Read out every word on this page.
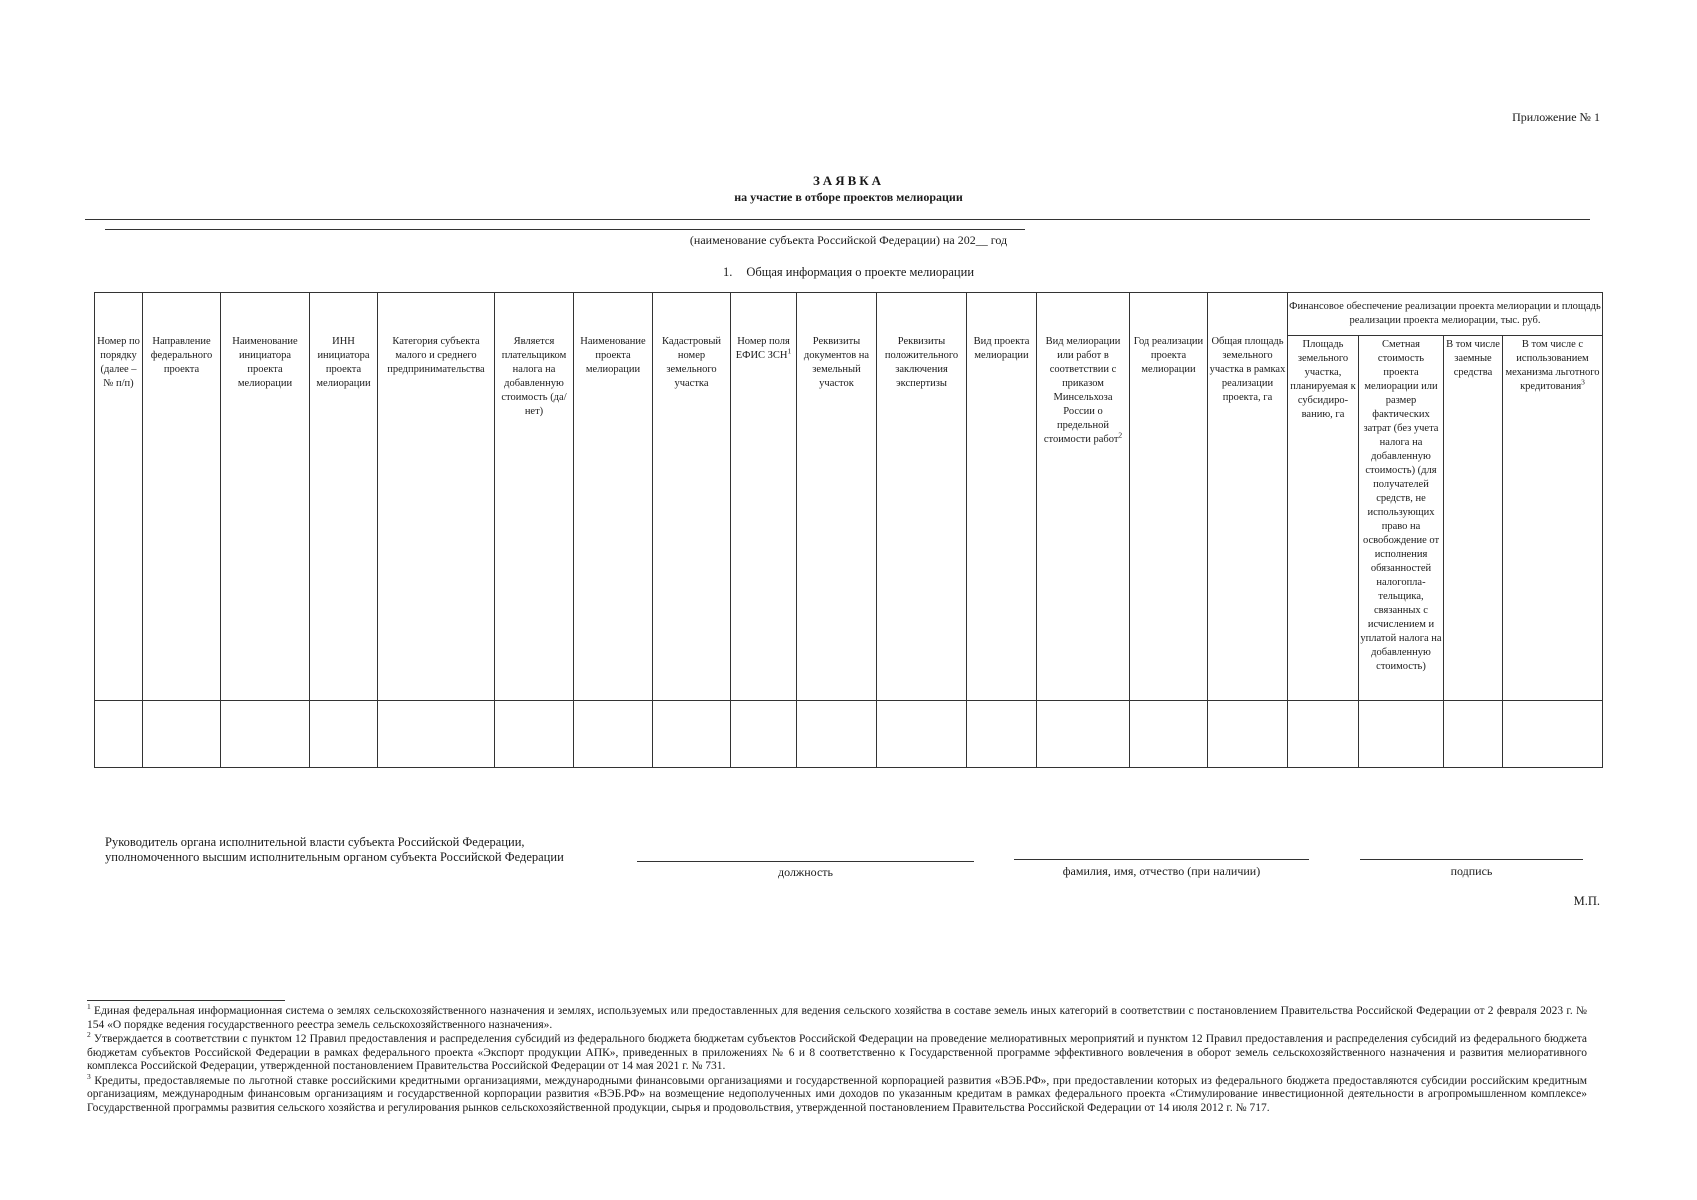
Приложение № 1
ЗАЯВКА
на участие в отборе проектов мелиорации
(наименование субъекта Российской Федерации) на 202__ год
1. Общая информация о проекте мелиорации
Номер по порядку (далее – № п/п)	Направление федерального проекта	Наименование инициатора проекта мелиорации	ИНН инициатора проекта мелиорации	Категория субъекта малого и среднего предпринимательства	Является плательщиком налога на добавленную стоимость (да/нет)	Наименование проекта мелиорации	Кадастровый номер земельного участка	Номер поля ЕФИС ЗСН$^1$	Реквизиты документов на земельный участок	Реквизиты положительного заключения экспертизы	Вид проекта мелиорации	Вид мелиорации или работ в соответствии с приказом Минсельхоза России о предельной стоимости работ$^2$	Год реализации проекта мелиорации	Общая площадь земельного участка в рамках реализации проекта, га	Финансовое обеспечение реализации проекта мелиорации и площадь реализации проекта мелиорации, тыс. руб.			
															Площадь земельного участка, планируемая к субсидиро-ванию, га	Сметная стоимость проекта мелиорации или размер фактических затрат (без учета налога на добавленную стоимость) (для получателей средств, не использующих право на освобождение от исполнения обязанностей налогопла-тельщика, связанных с исчислением и уплатой налога на добавленную стоимость)	В том числе заемные средства	В том числе с использованием механизма льготного кредитования$^3$

Руководитель органа исполнительной власти субъекта Российской Федерации,
уполномоченного высшим исполнительным органом субъекта Российской Федерации
должность	фамилия, имя, отчество (при наличии)	подпись
М.П.

$^1$ Единая федеральная информационная система о землях сельскохозяйственного назначения и землях, используемых или предоставленных для ведения сельского хозяйства в составе земель иных категорий в соответствии с постановлением Правительства Российской Федерации от 2 февраля 2023 г. № 154 «О порядке ведения государственного реестра земель сельскохозяйственного назначения».

$^2$ Утверждается в соответствии с пунктом 12 Правил предоставления и распределения субсидий из федерального бюджета бюджетам субъектов Российской Федерации на проведение мелиоративных мероприятий и пунктом 12 Правил предоставления и распределения субсидий из федерального бюджета бюджетам субъектов Российской Федерации в рамках федерального проекта «Экспорт продукции АПК», приведенных в приложениях № 6 и 8 соответственно к Государственной программе эффективного вовлечения в оборот земель сельскохозяйственного назначения и развития мелиоративного комплекса Российской Федерации, утвержденной постановлением Правительства Российской Федерации от 14 мая 2021 г. № 731.

$^3$ Кредиты, предоставляемые по льготной ставке российскими кредитными организациями, международными финансовыми организациями и государственной корпорацией развития «ВЭБ.РФ», при предоставлении которых из федерального бюджета предоставляются субсидии российским кредитным организациям, международным финансовым организациям и государственной корпорации развития «ВЭБ.РФ» на возмещение недополученных ими доходов по указанным кредитам в рамках федерального проекта «Стимулирование инвестиционной деятельности в агропромышленном комплексе» Государственной программы развития сельского хозяйства и регулирования рынков сельскохозяйственной продукции, сырья и продовольствия, утвержденной постановлением Правительства Российской Федерации от 14 июля 2012 г. № 717.
